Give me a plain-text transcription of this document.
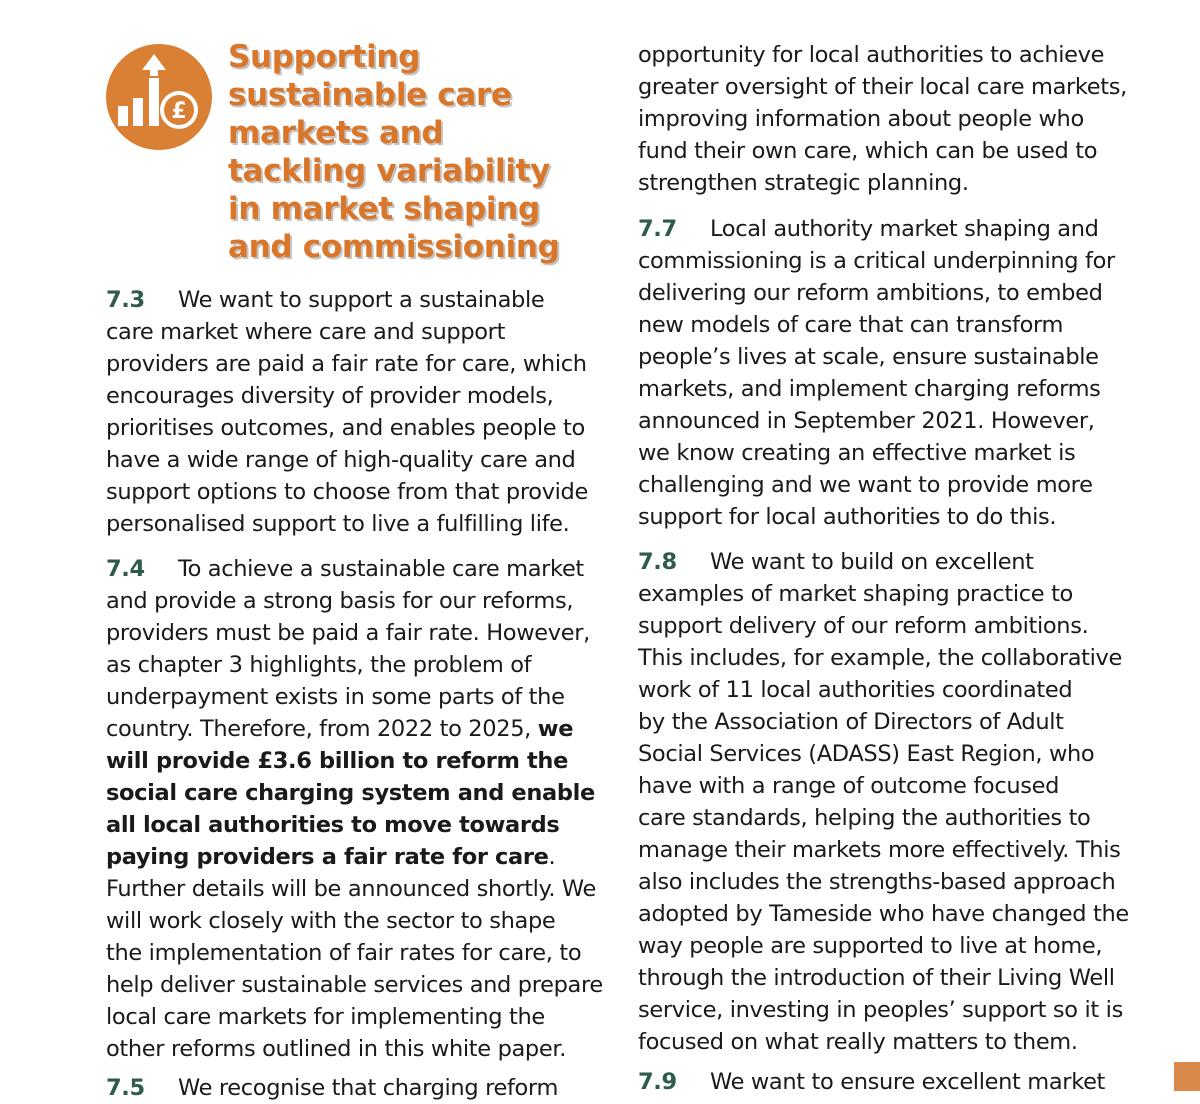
£
Supporting
sustainable care
markets and
tackling variability
in market shaping
and commissioning

7.3 We want to support a sustainable
care market where care and support
providers are paid a fair rate for care, which
encourages diversity of provider models,
prioritises outcomes, and enables people to
have a wide range of high-quality care and
support options to choose from that provide
personalised support to live a fulfilling life.

7.4 To achieve a sustainable care market
and provide a strong basis for our reforms,
providers must be paid a fair rate. However,
as chapter 3 highlights, the problem of
underpayment exists in some parts of the
country. Therefore, from 2022 to 2025, we
will provide £3.6 billion to reform the
social care charging system and enable
all local authorities to move towards
paying providers a fair rate for care.
Further details will be announced shortly. We
will work closely with the sector to shape
the implementation of fair rates for care, to
help deliver sustainable services and prepare
local care markets for implementing the
other reforms outlined in this white paper.

7.5 We recognise that charging reform

opportunity for local authorities to achieve
greater oversight of their local care markets,
improving information about people who
fund their own care, which can be used to
strengthen strategic planning.

7.7 Local authority market shaping and
commissioning is a critical underpinning for
delivering our reform ambitions, to embed
new models of care that can transform
people’s lives at scale, ensure sustainable
markets, and implement charging reforms
announced in September 2021. However,
we know creating an effective market is
challenging and we want to provide more
support for local authorities to do this.

7.8 We want to build on excellent
examples of market shaping practice to
support delivery of our reform ambitions.
This includes, for example, the collaborative
work of 11 local authorities coordinated
by the Association of Directors of Adult
Social Services (ADASS) East Region, who
have with a range of outcome focused
care standards, helping the authorities to
manage their markets more effectively. This
also includes the strengths-based approach
adopted by Tameside who have changed the
way people are supported to live at home,
through the introduction of their Living Well
service, investing in peoples’ support so it is
focused on what really matters to them.

7.9 We want to ensure excellent market
